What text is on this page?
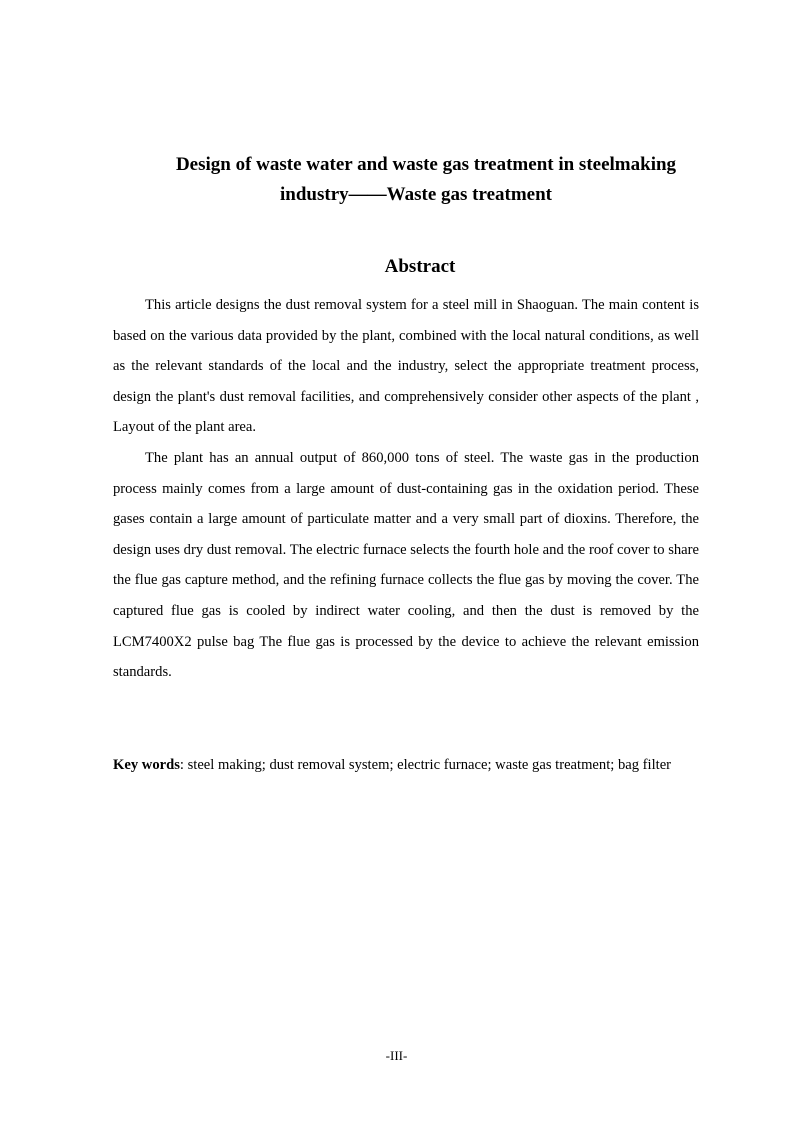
Design of waste water and waste gas treatment in steelmaking
industry——Waste gas treatment
Abstract

This article designs the dust removal system for a steel mill in Shaoguan. The main content is based on the various data provided by the plant, combined with the local natural conditions, as well as the relevant standards of the local and the industry, select the appropriate treatment process, design the plant's dust removal facilities, and comprehensively consider other aspects of the plant , Layout of the plant area.

The plant has an annual output of 860,000 tons of steel. The waste gas in the production process mainly comes from a large amount of dust-containing gas in the oxidation period. These gases contain a large amount of particulate matter and a very small part of dioxins. Therefore, the design uses dry dust removal. The electric furnace selects the fourth hole and the roof cover to share the flue gas capture method, and the refining furnace collects the flue gas by moving the cover. The captured flue gas is cooled by indirect water cooling, and then the dust is removed by the LCM7400X2 pulse bag The flue gas is processed by the device to achieve the relevant emission standards.

Key words: steel making; dust removal system; electric furnace; waste gas treatment; bag filter

-III-
